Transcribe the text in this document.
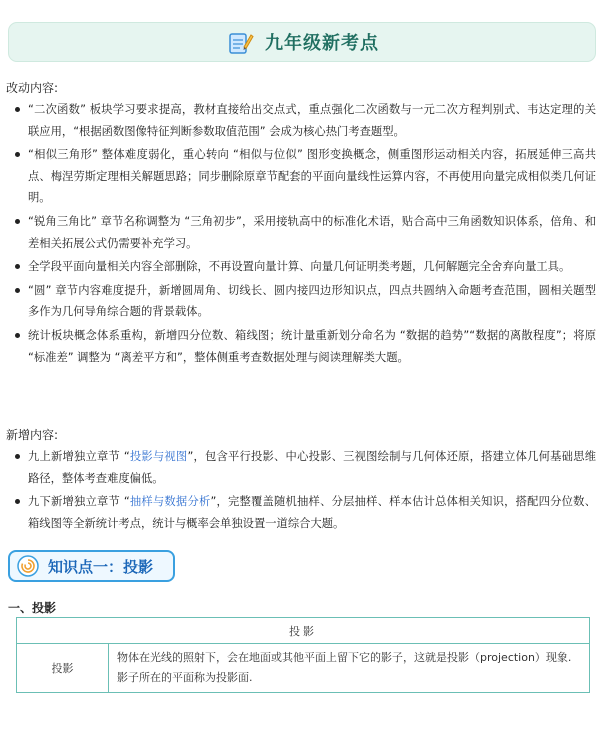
九年级新考点
改动内容:
“二次函数” 板块学习要求提高，教材直接给出交点式，重点强化二次函数与一元二次方程判别式、韦达定理的关联应用，“根据函数图像特征判断参数取值范围” 会成为核心热门考查题型。
“相似三角形” 整体难度弱化，重心转向 “相似与位似” 图形变换概念，侧重图形运动相关内容，拓展延伸三高共点、梅涅劳斯定理相关解题思路；同步删除原章节配套的平面向量线性运算内容，不再使用向量完成相似类几何证明。
“锐角三角比” 章节名称调整为 “三角初步”，采用接轨高中的标准化术语，贴合高中三角函数知识体系，倍角、和差相关拓展公式仍需要补充学习。
全学段平面向量相关内容全部删除，不再设置向量计算、向量几何证明类考题，几何解题完全舍弃向量工具。
“圆” 章节内容难度提升，新增圆周角、切线长、圆内接四边形知识点，四点共圆纳入命题考查范围，圆相关题型多作为几何导角综合题的背景载体。
统计板块概念体系重构，新增四分位数、箱线图；统计量重新划分命名为 “数据的趋势”“数据的离散程度”；将原 “标准差” 调整为 “离差平方和”，整体侧重考查数据处理与阅读理解类大题。
新增内容:
九上新增独立章节 “投影与视图”，包含平行投影、中心投影、三视图绘制与几何体还原，搭建立体几何基础思维路径，整体考查难度偏低。
九下新增独立章节 “抽样与数据分析”，完整覆盖随机抽样、分层抽样、样本估计总体相关知识，搭配四分位数、箱线图等全新统计考点，统计与概率会单独设置一道综合大题。
知识点一：投影
一、投影
投影
投影	物体在光线的照射下，会在地面或其他平面上留下它的影子，这就是投影（projection）现象.影子所在的平面称为投影面.
